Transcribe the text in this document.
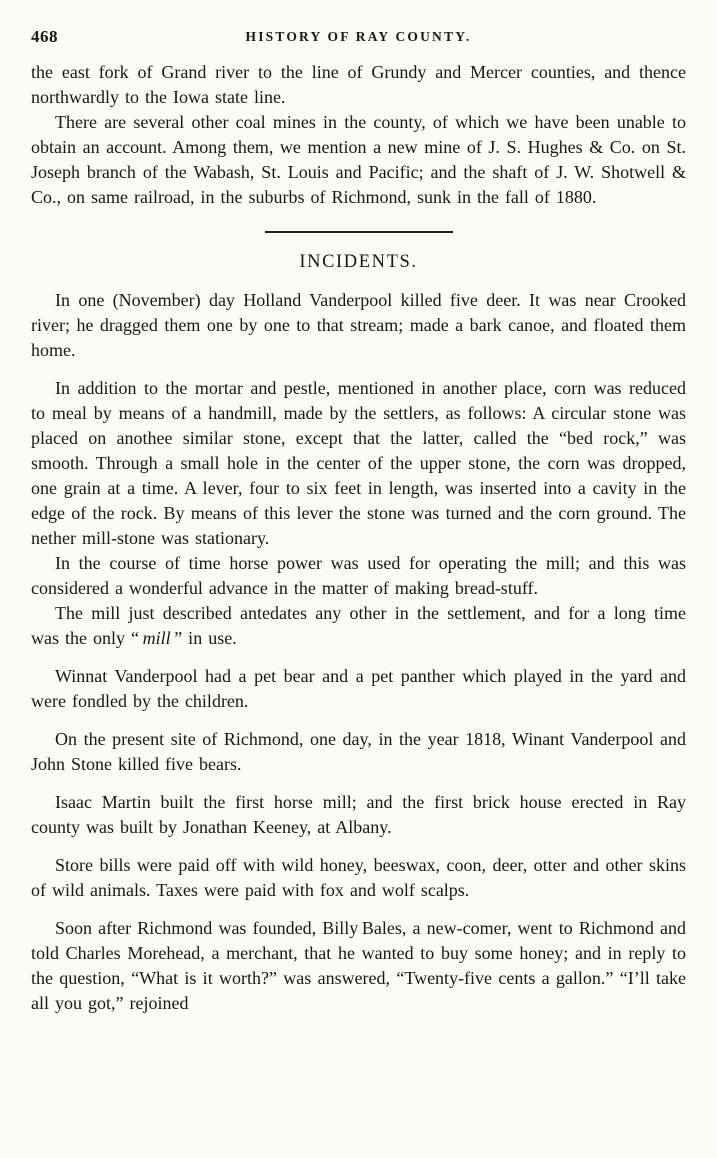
468	HISTORY OF RAY COUNTY.

the east fork of Grand river to the line of Grundy and Mercer counties, and thence northwardly to the Iowa state line.

There are several other coal mines in the county, of which we have been unable to obtain an account. Among them, we mention a new mine of J. S. Hughes & Co. on St. Joseph branch of the Wabash, St. Louis and Pacific; and the shaft of J. W. Shotwell & Co., on same railroad, in the suburbs of Richmond, sunk in the fall of 1880.

INCIDENTS.

In one (November) day Holland Vanderpool killed five deer. It was near Crooked river; he dragged them one by one to that stream; made a bark canoe, and floated them home.

In addition to the mortar and pestle, mentioned in another place, corn was reduced to meal by means of a handmill, made by the settlers, as follows: A circular stone was placed on anothee similar stone, except that the latter, called the “bed rock,” was smooth. Through a small hole in the center of the upper stone, the corn was dropped, one grain at a time. A lever, four to six feet in length, was inserted into a cavity in the edge of the rock. By means of this lever the stone was turned and the corn ground. The nether mill-stone was stationary.

In the course of time horse power was used for operating the mill; and this was considered a wonderful advance in the matter of making bread-stuff.

The mill just described antedates any other in the settlement, and for a long time was the only “ mill ” in use.

Winnat Vanderpool had a pet bear and a pet panther which played in the yard and were fondled by the children.

On the present site of Richmond, one day, in the year 1818, Winant Vanderpool and John Stone killed five bears.

Isaac Martin built the first horse mill; and the first brick house erected in Ray county was built by Jonathan Keeney, at Albany.

Store bills were paid off with wild honey, beeswax, coon, deer, otter and other skins of wild animals. Taxes were paid with fox and wolf scalps.

Soon after Richmond was founded, Billy Bales, a new-comer, went to Richmond and told Charles Morehead, a merchant, that he wanted to buy some honey; and in reply to the question, “What is it worth?” was answered, “Twenty-five cents a gallon.” “I’ll take all you got,” rejoined
